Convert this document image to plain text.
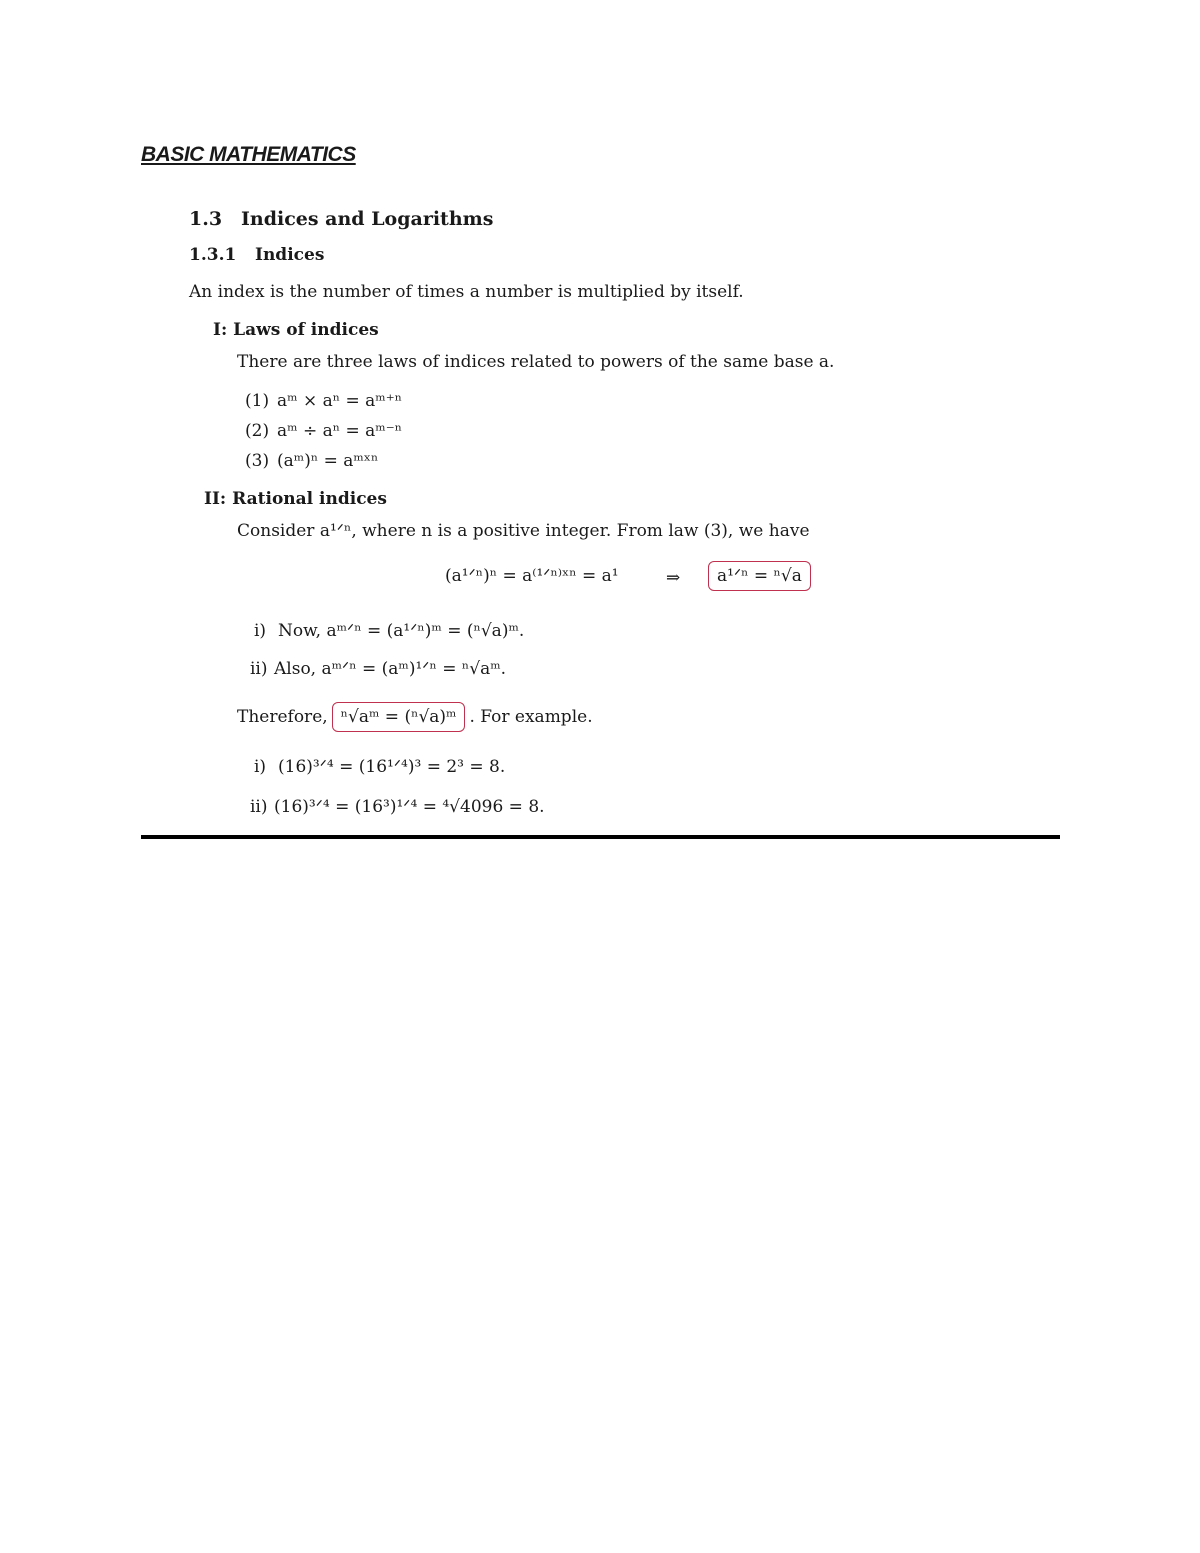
BASIC MATHEMATICS
1.3 Indices and Logarithms
1.3.1 Indices
An index is the number of times a number is multiplied by itself.
I: Laws of indices
There are three laws of indices related to powers of the same base a.
(1) aᵐ × aⁿ = aᵐ⁺ⁿ
(2) aᵐ ÷ aⁿ = aᵐ⁻ⁿ
(3) (aᵐ)ⁿ = aᵐˣⁿ
II: Rational indices
Consider a¹ᐟⁿ, where n is a positive integer. From law (3), we have
(a¹ᐟⁿ)ⁿ = a⁽¹ᐟⁿ⁾ˣⁿ = a¹	⇒	a¹ᐟⁿ = ⁿ√a
i) Now, aᵐᐟⁿ = (a¹ᐟⁿ)ᵐ = (ⁿ√a)ᵐ.
ii) Also, aᵐᐟⁿ = (aᵐ)¹ᐟⁿ = ⁿ√aᵐ.
Therefore, ⁿ√aᵐ = (ⁿ√a)ᵐ . For example.
i) (16)³ᐟ⁴ = (16¹ᐟ⁴)³ = 2³ = 8.
ii) (16)³ᐟ⁴ = (16³)¹ᐟ⁴ = ⁴√4096 = 8.
